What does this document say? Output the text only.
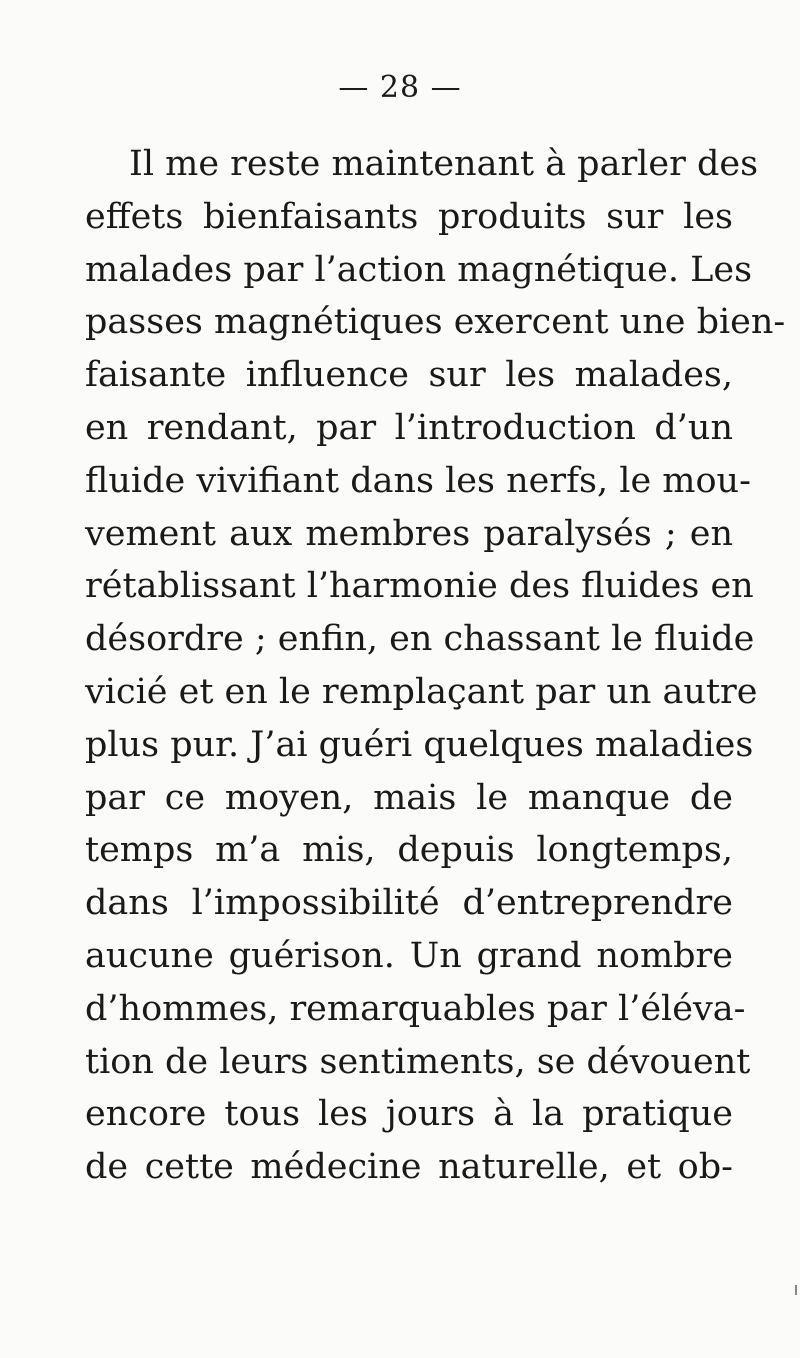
— 28 —
Il me reste maintenant à parler des
effets bienfaisants produits sur les
malades par l’action magnétique. Les
passes magnétiques exercent une bien-
faisante influence sur les malades,
en rendant, par l’introduction d’un
fluide vivifiant dans les nerfs, le mou-
vement aux membres paralysés ; en
rétablissant l’harmonie des fluides en
désordre ; enfin, en chassant le fluide
vicié et en le remplaçant par un autre
plus pur. J’ai guéri quelques maladies
par ce moyen, mais le manque de
temps m’a mis, depuis longtemps,
dans l’impossibilité d’entreprendre
aucune guérison. Un grand nombre
d’hommes, remarquables par l’éléva-
tion de leurs sentiments, se dévouent
encore tous les jours à la pratique
de cette médecine naturelle, et ob-
